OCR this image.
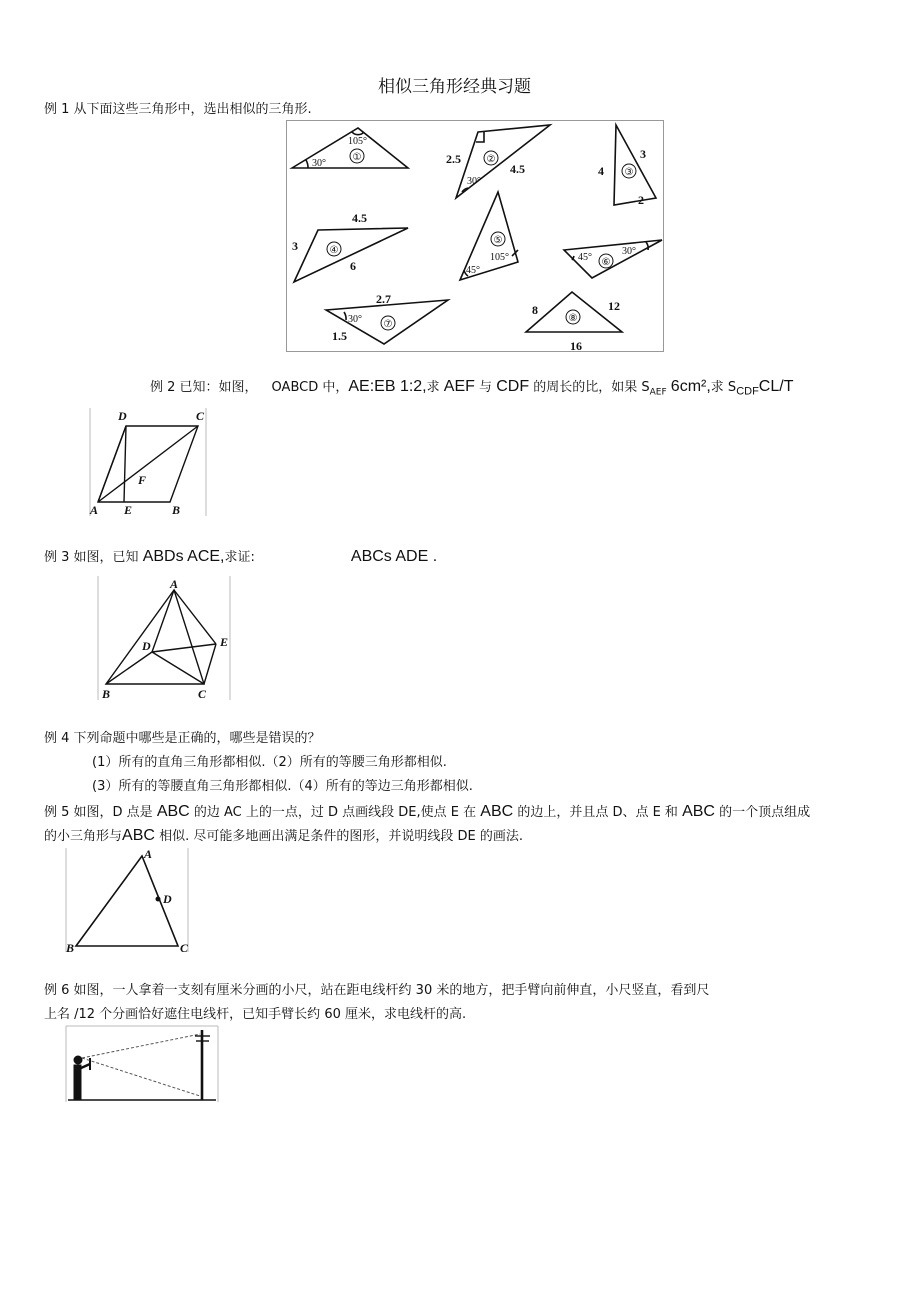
相似三角形经典习题
例 1 从下面这些三角形中，选出相似的三角形.
①	②
③
④
⑤
⑥
⑦
⑧
105°
30°	2.5
4.5
30°
4
3
2
4.5
3
6
105°
45°
45°
30°
2.7
1.5
30°
8	12
16
例 2 已知：如图， OABCD 中，AE:EB 1:2,求 AEF 与 CDF 的周长的比，如果 $S_{AEF}$ 6cm²,求 $S_{CDF}CL/T$
D	C
F
A E	B
例 3 如图，已知 ABDs ACE,求证:	ABCs ADE .
A
D	E
B	C
例 4 下列命题中哪些是正确的，哪些是错误的？
(1）所有的直角三角形都相似.（2）所有的等腰三角形都相似.
(3）所有的等腰直角三角形都相似.（4）所有的等边三角形都相似.
例 5 如图，D 点是 ABC 的边 AC 上的一点，过 D 点画线段 DE,使点 E 在 ABC 的边上，并且点 D、点 E 和 ABC 的一个顶点组成
的小三角形与ABC 相似. 尽可能多地画出满足条件的图形，并说明线段 DE 的画法.
A
D
B	C
例 6 如图，一人拿着一支刻有厘米分画的小尺，站在距电线杆约 30 米的地方，把手臂向前伸直，小尺竖直，看到尺
上名 /12 个分画恰好遮住电线杆，已知手臂长约 60 厘米，求电线杆的高.
